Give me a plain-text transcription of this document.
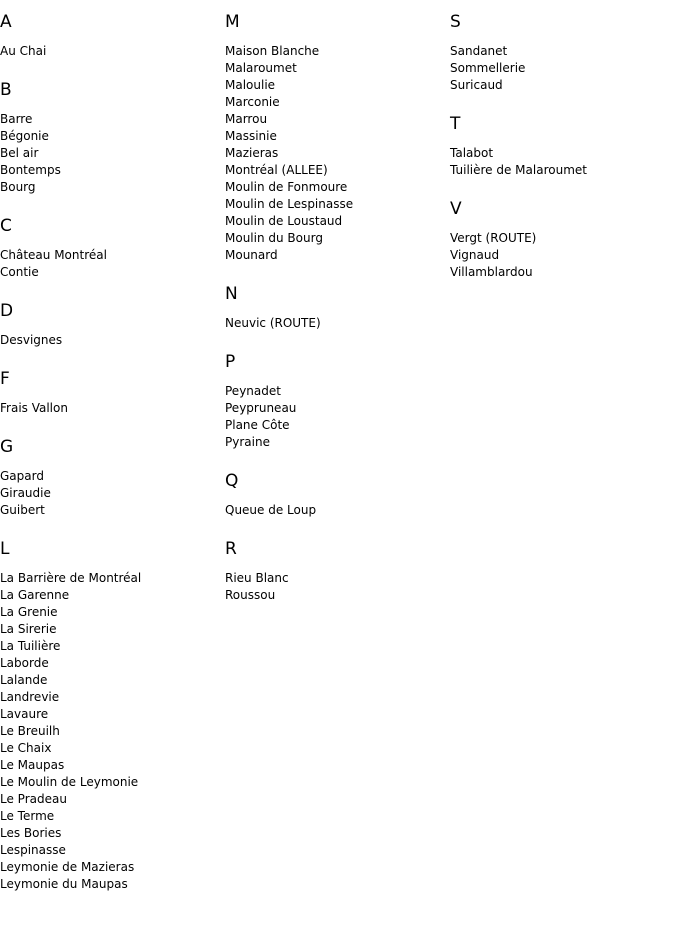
A
Au Chai
B
Barre
Bégonie
Bel air
Bontemps
Bourg
C
Château Montréal
Contie
D
Desvignes
F
Frais Vallon
G
Gapard
Giraudie
Guibert
L
La Barrière de Montréal
La Garenne
La Grenie
La Sirerie
La Tuilière
Laborde
Lalande
Landrevie
Lavaure
Le Breuilh
Le Chaix
Le Maupas
Le Moulin de Leymonie
Le Pradeau
Le Terme
Les Bories
Lespinasse
Leymonie de Mazieras
Leymonie du Maupas
M
Maison Blanche
Malaroumet
Maloulie
Marconie
Marrou
Massinie
Mazieras
Montréal (ALLEE)
Moulin de Fonmoure
Moulin de Lespinasse
Moulin de Loustaud
Moulin du Bourg
Mounard
N
Neuvic (ROUTE)
P
Peynadet
Peypruneau
Plane Côte
Pyraine
Q
Queue de Loup
R
Rieu Blanc
Roussou
S
Sandanet
Sommellerie
Suricaud
T
Talabot
Tuilière de Malaroumet
V
Vergt (ROUTE)
Vignaud
Villamblardou
